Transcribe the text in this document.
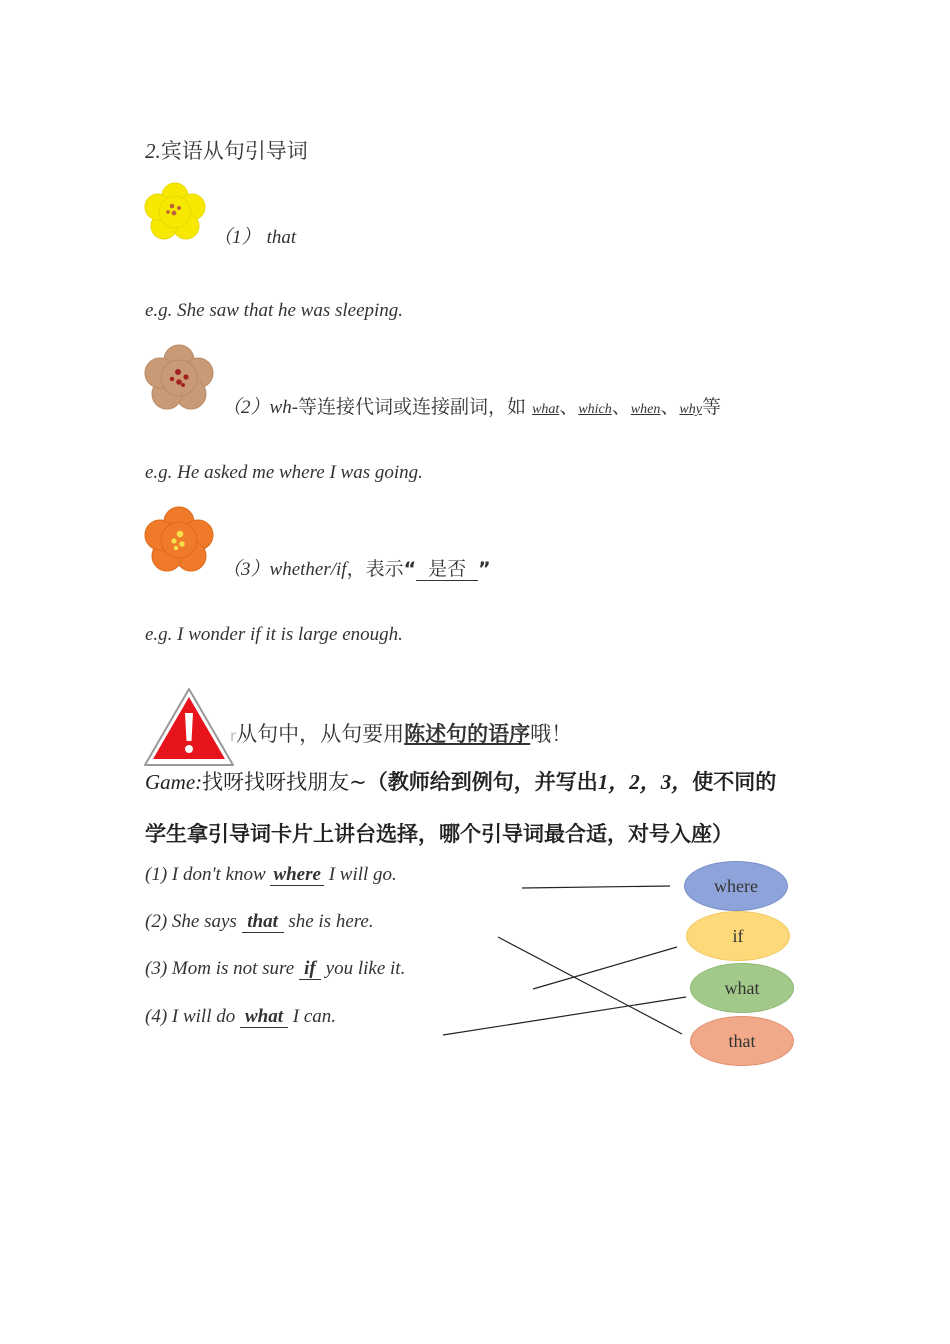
2.宾语从句引导词
（1） that
e.g. She saw that he was sleeping.
（2）wh-等连接代词或连接副词，如 what、which、when、why等
e.g. He asked me where I was going.
（3）whether/if，表示“ 是否 ”
e.g. I wonder if it is large enough.
r从句中，从句要用陈述句的语序哦！
Game:找呀找呀找朋友~（教师给到例句，并写出1，2，3，使不同的
学生拿引导词卡片上讲台选择，哪个引导词最合适，对号入座）
(1) I don't know where I will go.
(2) She says that she is here.
(3) Mom is not sure if you like it.
(4) I will do what I can.
where
if
what
that
